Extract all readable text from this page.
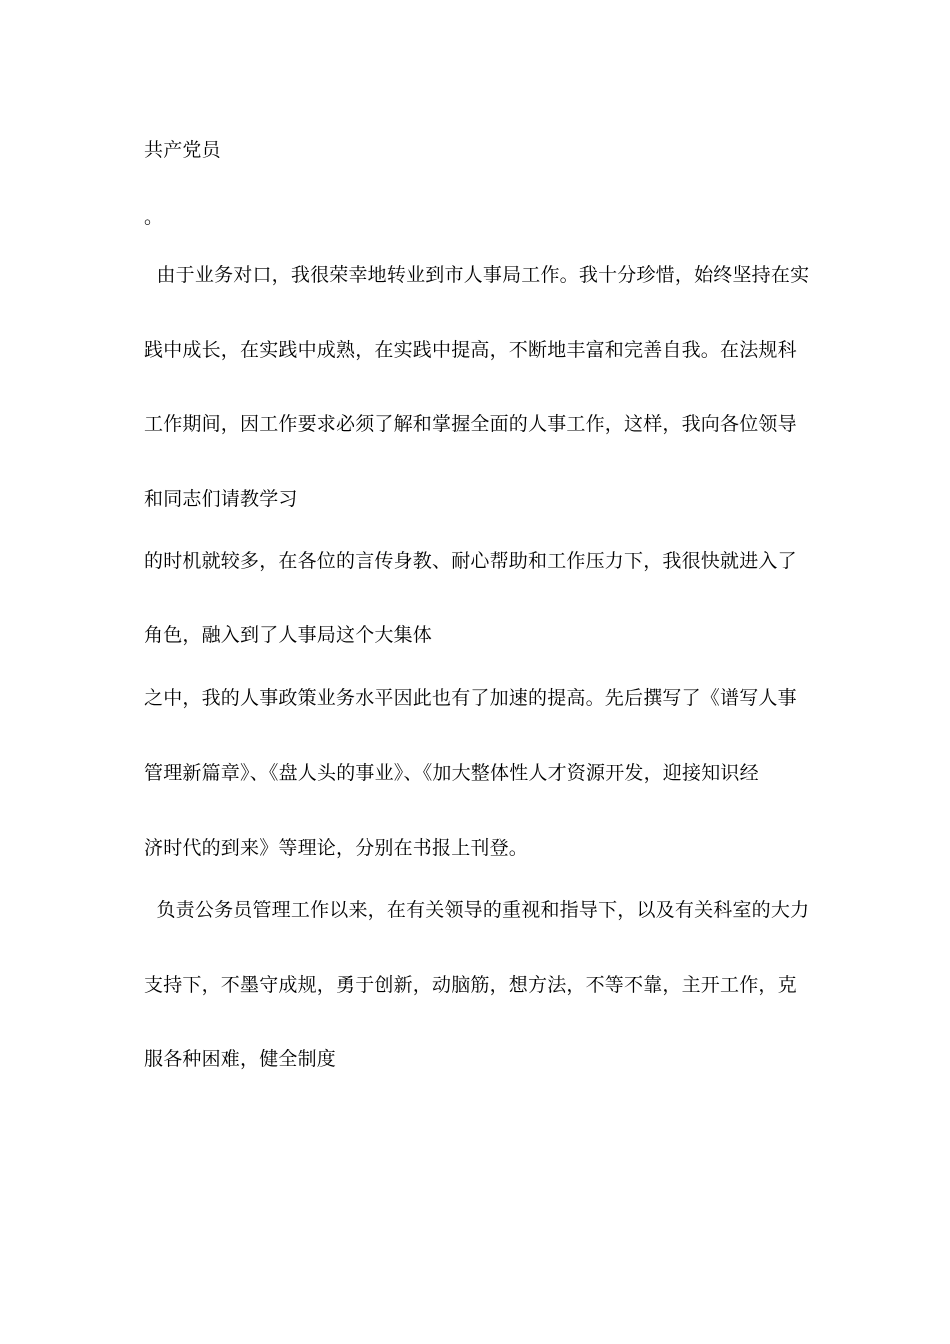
共产党员
。
由于业务对口，我很荣幸地转业到市人事局工作。我十分珍惜，始终坚持在实
践中成长，在实践中成熟，在实践中提高，不断地丰富和完善自我。在法规科
工作期间，因工作要求必须了解和掌握全面的人事工作，这样，我向各位领导
和同志们请教学习
的时机就较多，在各位的言传身教、耐心帮助和工作压力下，我很快就进入了
角色，融入到了人事局这个大集体
之中，我的人事政策业务水平因此也有了加速的提高。先后撰写了《谱写人事
管理新篇章》、《盘人头的事业》、《加大整体性人才资源开发，迎接知识经
济时代的到来》等理论，分别在书报上刊登。
负责公务员管理工作以来，在有关领导的重视和指导下，以及有关科室的大力
支持下，不墨守成规，勇于创新，动脑筋，想方法，不等不靠，主开工作，克
服各种困难，健全制度
